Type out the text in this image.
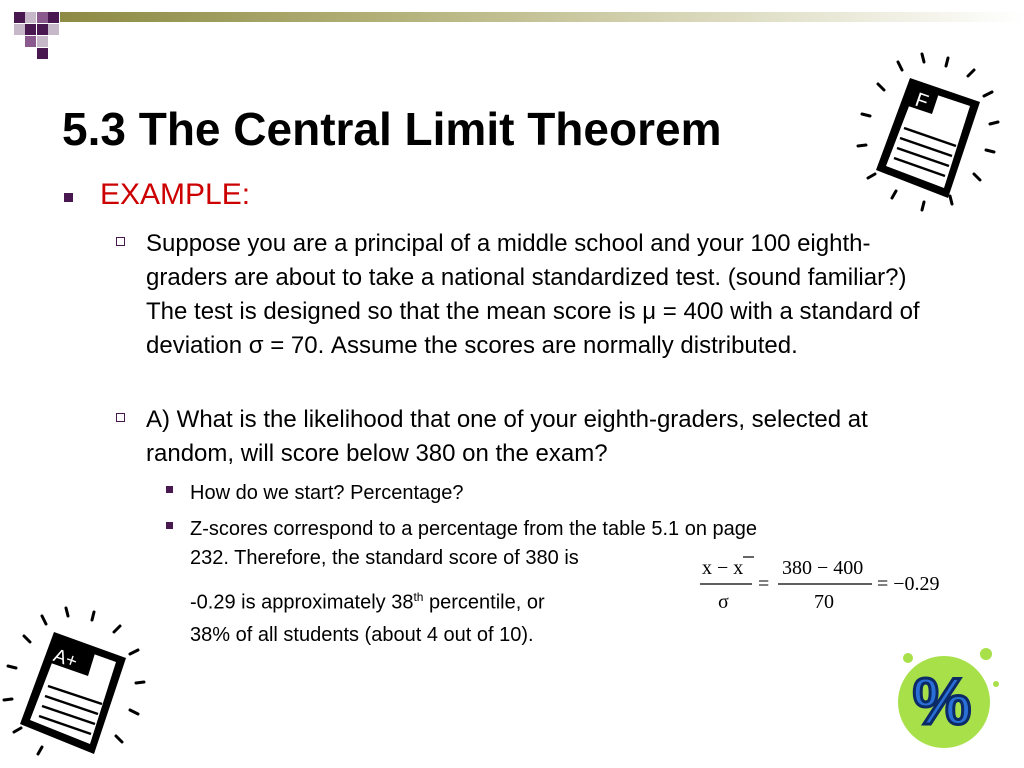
5.3 The Central Limit Theorem
EXAMPLE:
Suppose you are a principal of a middle school and your 100 eighth-graders are about to take a national standardized test. (sound familiar?) The test is designed so that the mean score is μ = 400 with a standard of deviation σ = 70. Assume the scores are normally distributed.
A) What is the likelihood that one of your eighth-graders, selected at random, will score below 380 on the exam?
How do we start? Percentage?
Z-scores correspond to a percentage from the table 5.1 on page
232. Therefore, the standard score of 380 is
-0.29 is approximately 38th percentile, or
38% of all students (about 4 out of 10).
x − x
σ
=
380 − 400
70
= −0.29
F
A+
%
